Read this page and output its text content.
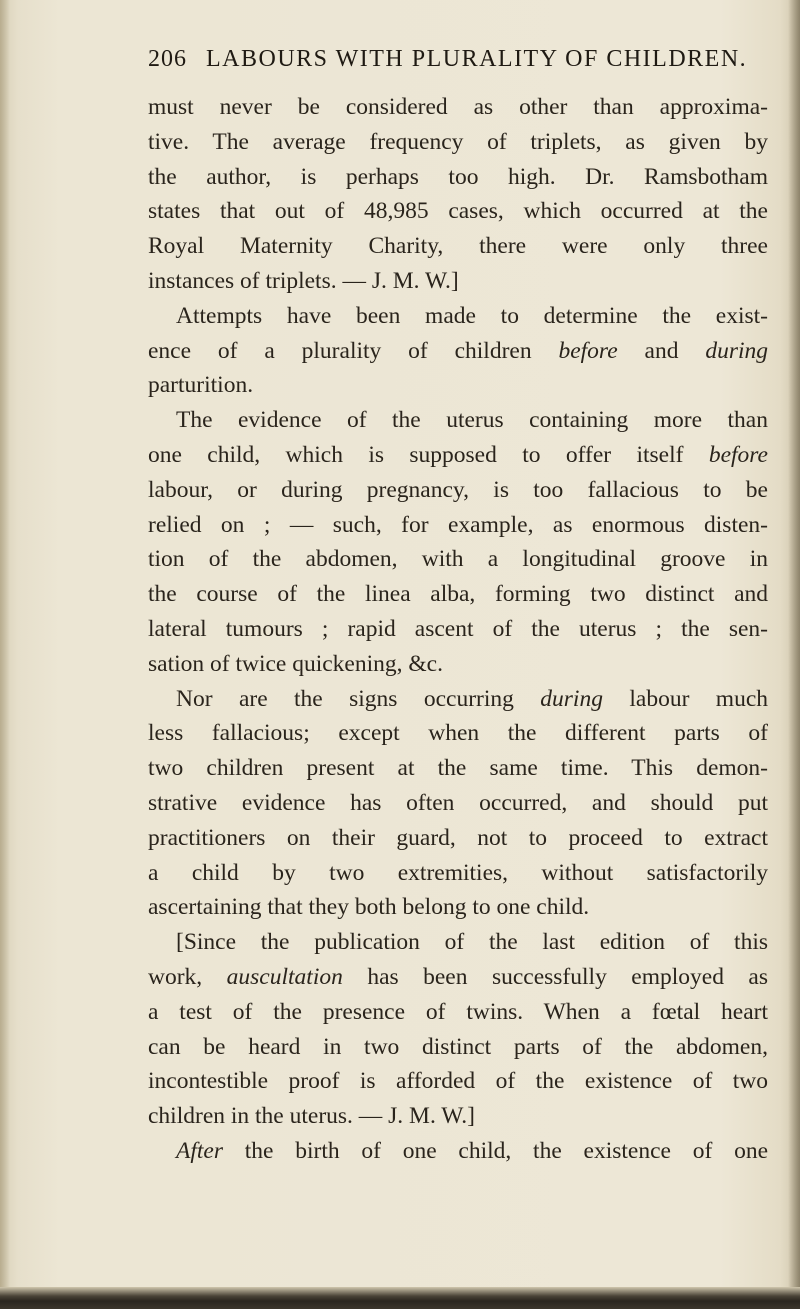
206 LABOURS WITH PLURALITY OF CHILDREN.
must never be considered as other than approxima-
tive. The average frequency of triplets, as given by
the author, is perhaps too high. Dr. Ramsbotham
states that out of 48,985 cases, which occurred at the
Royal Maternity Charity, there were only three
instances of triplets. — J. M. W.]
Attempts have been made to determine the exist-
ence of a plurality of children before and during
parturition.
The evidence of the uterus containing more than
one child, which is supposed to offer itself before
labour, or during pregnancy, is too fallacious to be
relied on ; — such, for example, as enormous disten-
tion of the abdomen, with a longitudinal groove in
the course of the linea alba, forming two distinct and
lateral tumours ; rapid ascent of the uterus ; the sen-
sation of twice quickening, &c.
Nor are the signs occurring during labour much
less fallacious; except when the different parts of
two children present at the same time. This demon-
strative evidence has often occurred, and should put
practitioners on their guard, not to proceed to extract
a child by two extremities, without satisfactorily
ascertaining that they both belong to one child.
[Since the publication of the last edition of this
work, auscultation has been successfully employed as
a test of the presence of twins. When a fœtal heart
can be heard in two distinct parts of the abdomen,
incontestible proof is afforded of the existence of two
children in the uterus. — J. M. W.]
After the birth of one child, the existence of one
